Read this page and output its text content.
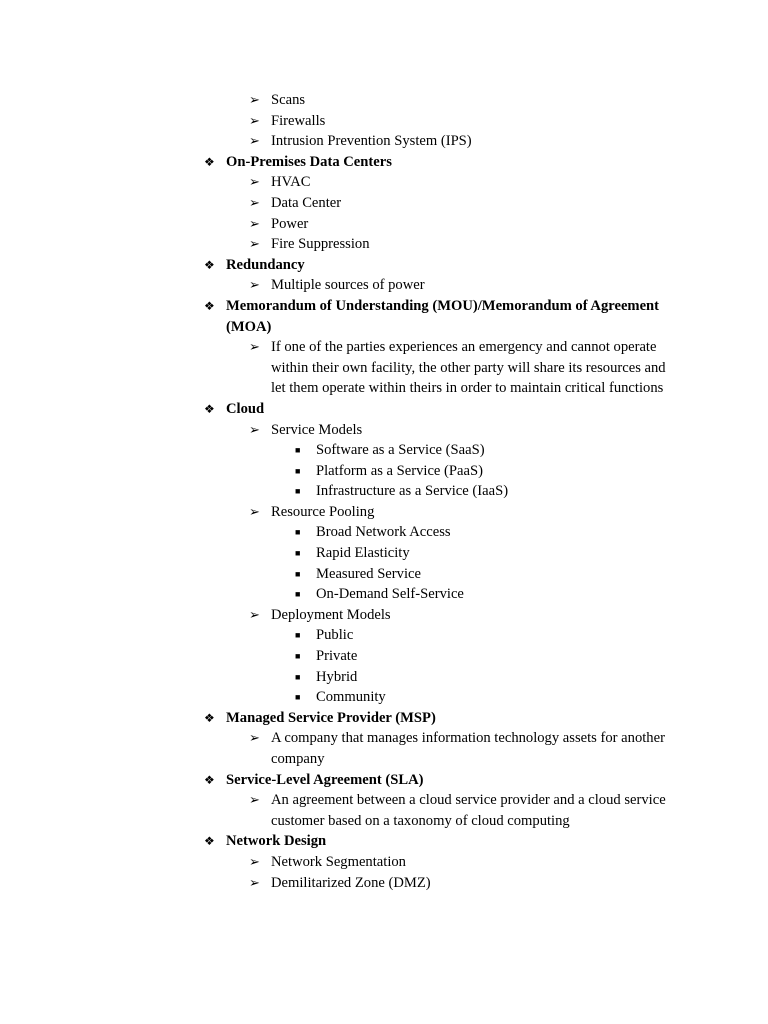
➢ Scans
➢ Firewalls
➢ Intrusion Prevention System (IPS)
❖ On-Premises Data Centers
➢ HVAC
➢ Data Center
➢ Power
➢ Fire Suppression
❖ Redundancy
➢ Multiple sources of power
❖ Memorandum of Understanding (MOU)/Memorandum of Agreement (MOA)
➢ If one of the parties experiences an emergency and cannot operate within their own facility, the other party will share its resources and let them operate within theirs in order to maintain critical functions
❖ Cloud
➢ Service Models
■ Software as a Service (SaaS)
■ Platform as a Service (PaaS)
■ Infrastructure as a Service (IaaS)
➢ Resource Pooling
■ Broad Network Access
■ Rapid Elasticity
■ Measured Service
■ On-Demand Self-Service
➢ Deployment Models
■ Public
■ Private
■ Hybrid
■ Community
❖ Managed Service Provider (MSP)
➢ A company that manages information technology assets for another company
❖ Service-Level Agreement (SLA)
➢ An agreement between a cloud service provider and a cloud service customer based on a taxonomy of cloud computing
❖ Network Design
➢ Network Segmentation
➢ Demilitarized Zone (DMZ)
